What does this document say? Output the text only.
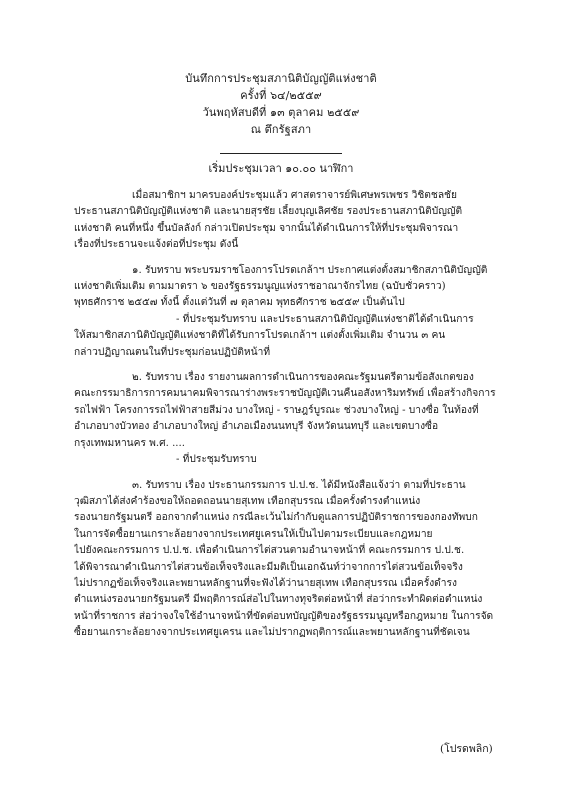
บันทึกการประชุมสภานิติบัญญัติแห่งชาติ
ครั้งที่ ๖๔/๒๕๕๙
วันพฤหัสบดีที่ ๑๓ ตุลาคม ๒๕๕๙
ณ ตึกรัฐสภา
เริ่มประชุมเวลา ๑๐.๐๐ นาฬิกา
เมื่อสมาชิกฯ มาครบองค์ประชุมแล้ว ศาสตราจารย์พิเศษพรเพชร วิชิตชลชัย
ประธานสภานิติบัญญัติแห่งชาติ และนายสุรชัย เลี้ยงบุญเลิศชัย รองประธานสภานิติบัญญัติ
แห่งชาติ คนที่หนึ่ง ขึ้นบัลลังก์ กล่าวเปิดประชุม จากนั้นได้ดำเนินการให้ที่ประชุมพิจารณา
เรื่องที่ประธานจะแจ้งต่อที่ประชุม ดังนี้
๑. รับทราบ พระบรมราชโองการโปรดเกล้าฯ ประกาศแต่งตั้งสมาชิกสภานิติบัญญัติ
แห่งชาติเพิ่มเติม ตามมาตรา ๖ ของรัฐธรรมนูญแห่งราชอาณาจักรไทย (ฉบับชั่วคราว)
พุทธศักราช ๒๕๕๗ ทั้งนี้ ตั้งแต่วันที่ ๗ ตุลาคม พุทธศักราช ๒๕๕๙ เป็นต้นไป
- ที่ประชุมรับทราบ และประธานสภานิติบัญญัติแห่งชาติได้ดำเนินการ
ให้สมาชิกสภานิติบัญญัติแห่งชาติที่ได้รับการโปรดเกล้าฯ แต่งตั้งเพิ่มเติม จำนวน ๓ คน
กล่าวปฏิญาณตนในที่ประชุมก่อนปฏิบัติหน้าที่
๒. รับทราบ เรื่อง รายงานผลการดำเนินการของคณะรัฐมนตรีตามข้อสังเกตของ
คณะกรรมาธิการการคมนาคมพิจารณาร่างพระราชบัญญัติเวนคืนอสังหาริมทรัพย์ เพื่อสร้างกิจการ
รถไฟฟ้า โครงการรถไฟฟ้าสายสีม่วง บางใหญ่ - ราษฎร์บูรณะ ช่วงบางใหญ่ - บางซื่อ ในท้องที่
อำเภอบางบัวทอง อำเภอบางใหญ่ อำเภอเมืองนนทบุรี จังหวัดนนทบุรี และเขตบางซื่อ
กรุงเทพมหานคร พ.ศ. ....
- ที่ประชุมรับทราบ
๓. รับทราบ เรื่อง ประธานกรรมการ ป.ป.ช. ได้มีหนังสือแจ้งว่า ตามที่ประธาน
วุฒิสภาได้ส่งคำร้องขอให้ถอดถอนนายสุเทพ เทือกสุบรรณ เมื่อครั้งดำรงตำแหน่ง
รองนายกรัฐมนตรี ออกจากตำแหน่ง กรณีละเว้นไม่กำกับดูแลการปฏิบัติราชการของกองทัพบก
ในการจัดซื้อยานเกราะล้อยางจากประเทศยูเครนให้เป็นไปตามระเบียบและกฎหมาย
ไปยังคณะกรรมการ ป.ป.ช. เพื่อดำเนินการไต่สวนตามอำนาจหน้าที่ คณะกรรมการ ป.ป.ช.
ได้พิจารณาดำเนินการไต่สวนข้อเท็จจริงและมีมติเป็นเอกฉันท์ว่าจากการไต่สวนข้อเท็จจริง
ไม่ปรากฏข้อเท็จจริงและพยานหลักฐานที่จะฟังได้ว่านายสุเทพ เทือกสุบรรณ เมื่อครั้งดำรง
ตำแหน่งรองนายกรัฐมนตรี มีพฤติการณ์ส่อไปในทางทุจริตต่อหน้าที่ ส่อว่ากระทำผิดต่อตำแหน่ง
หน้าที่ราชการ ส่อว่าจงใจใช้อำนาจหน้าที่ขัดต่อบทบัญญัติของรัฐธรรมนูญหรือกฎหมาย ในการจัด
ซื้อยานเกราะล้อยางจากประเทศยูเครน และไม่ปรากฏพฤติการณ์และพยานหลักฐานที่ชัดเจน
(โปรดพลิก)
